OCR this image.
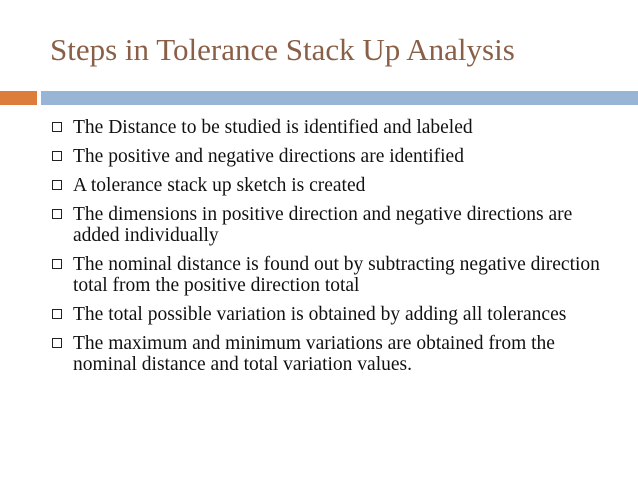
Steps in Tolerance Stack Up Analysis
The Distance to be studied is identified and labeled
The positive and negative directions are identified
A tolerance stack up sketch is created
The dimensions in positive direction and negative directions are added individually
The nominal distance is found out by subtracting negative direction total from the positive direction total
The total possible variation is obtained by adding all tolerances
The maximum and minimum variations are obtained from the nominal distance and total variation values.
